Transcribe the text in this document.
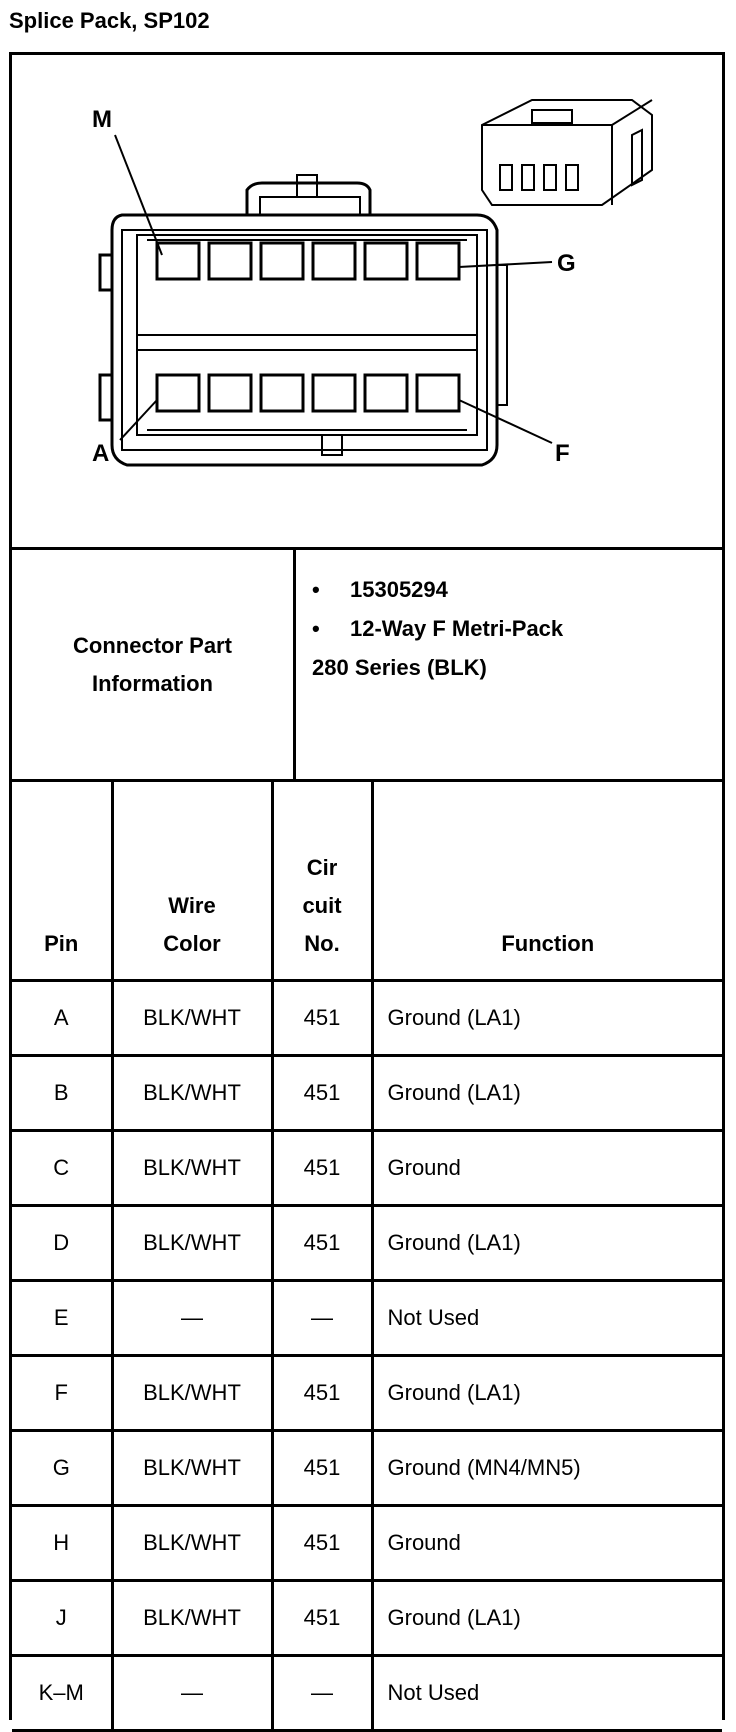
Splice Pack, SP102
M
G
A	F
Connector Part Information
• 15305294
• 12-Way F Metri-Pack
280 Series (BLK)
Pin	Wire Color	Cir cuit No.	Function
A	BLK/WHT	451	Ground (LA1)
B	BLK/WHT	451	Ground (LA1)
C	BLK/WHT	451	Ground
D	BLK/WHT	451	Ground (LA1)
E	—	—	Not Used
F	BLK/WHT	451	Ground (LA1)
G	BLK/WHT	451	Ground (MN4/MN5)
H	BLK/WHT	451	Ground
J	BLK/WHT	451	Ground (LA1)
K–M	—	—	Not Used
